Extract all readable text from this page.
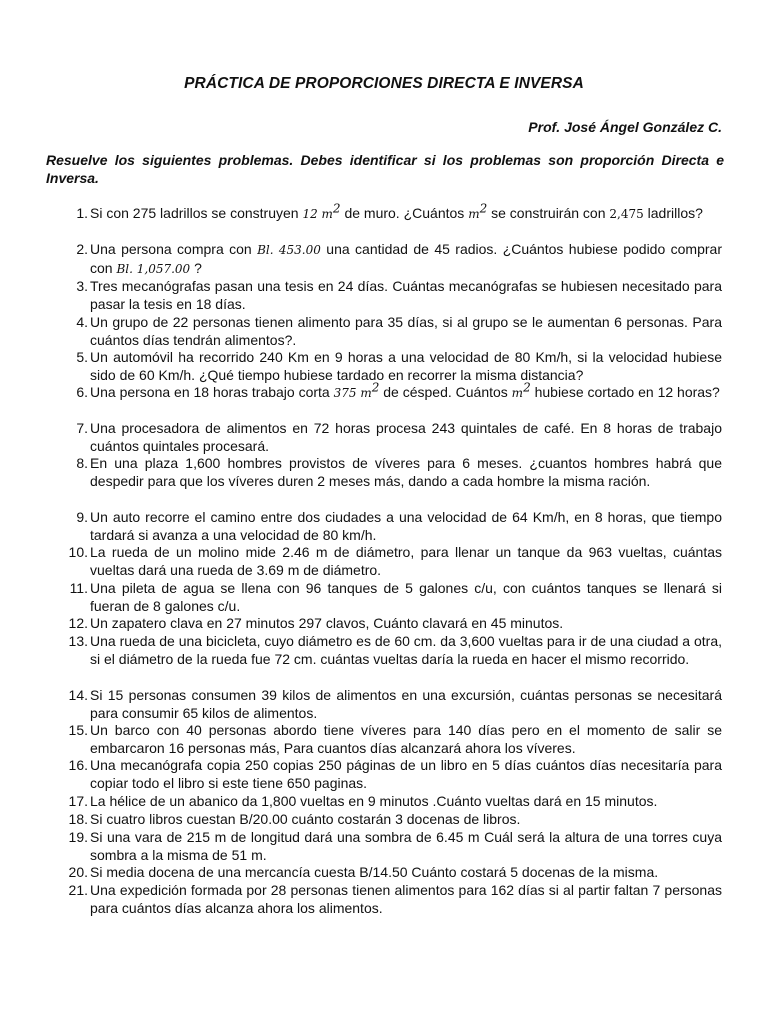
PRÁCTICA DE PROPORCIONES DIRECTA E INVERSA
Prof. José Ángel González C.
Resuelve los siguientes problemas. Debes identificar si los problemas son proporción Directa e Inversa.
1. Si con 275 ladrillos se construyen 12 $m^2$ de muro. ¿Cuántos $m^2$ se construirán con 2,475 ladrillos?
2. Una persona compra con Bl. 453.00 una cantidad de 45 radios. ¿Cuántos hubiese podido comprar con Bl. 1,057.00 ?
3. Tres mecanógrafas pasan una tesis en 24 días. Cuántas mecanógrafas se hubiesen necesitado para pasar la tesis en 18 días.
4. Un grupo de 22 personas tienen alimento para 35 días, si al grupo se le aumentan 6 personas. Para cuántos días tendrán alimentos?.
5. Un automóvil ha recorrido 240 Km en 9 horas a una velocidad de 80 Km/h, si la velocidad hubiese sido de 60 Km/h. ¿Qué tiempo hubiese tardado en recorrer la misma distancia?
6. Una persona en 18 horas trabajo corta 375 $m^2$ de césped. Cuántos $m^2$ hubiese cortado en 12 horas?
7. Una procesadora de alimentos en 72 horas procesa 243 quintales de café. En 8 horas de trabajo cuántos quintales procesará.
8. En una plaza 1,600 hombres provistos de víveres para 6 meses. ¿cuantos hombres habrá que despedir para que los víveres duren 2 meses más, dando a cada hombre la misma ración.
9. Un auto recorre el camino entre dos ciudades a una velocidad de 64 Km/h, en 8 horas, que tiempo tardará si avanza a una velocidad de 80 km/h.
10. La rueda de un molino mide 2.46 m de diámetro, para llenar un tanque da 963 vueltas, cuántas vueltas dará una rueda de 3.69 m de diámetro.
11. Una pileta de agua se llena con 96 tanques de 5 galones c/u, con cuántos tanques se llenará si fueran de 8 galones c/u.
12. Un zapatero clava en 27 minutos 297 clavos, Cuánto clavará en 45 minutos.
13. Una rueda de una bicicleta, cuyo diámetro es de 60 cm. da 3,600 vueltas para ir de una ciudad a otra, si el diámetro de la rueda fue 72 cm. cuántas vueltas daría la rueda en hacer el mismo recorrido.
14. Si 15 personas consumen 39 kilos de alimentos en una excursión, cuántas personas se necesitará para consumir 65 kilos de alimentos.
15. Un barco con 40 personas abordo tiene víveres para 140 días pero en el momento de salir se embarcaron 16 personas más, Para cuantos días alcanzará ahora los víveres.
16. Una mecanógrafa copia 250 copias 250 páginas de un libro en 5 días cuántos días necesitaría para copiar todo el libro si este tiene 650 paginas.
17. La hélice de un abanico da 1,800 vueltas en 9 minutos .Cuánto vueltas dará en 15 minutos.
18. Si cuatro libros cuestan B/20.00 cuánto costarán 3 docenas de libros.
19. Si una vara de 215 m de longitud dará una sombra de 6.45 m Cuál será la altura de una torres cuya sombra a la misma de 51 m.
20. Si media docena de una mercancía cuesta B/14.50 Cuánto costará 5 docenas de la misma.
21. Una expedición formada por 28 personas tienen alimentos para 162 días si al partir faltan 7 personas para cuántos días alcanza ahora los alimentos.
